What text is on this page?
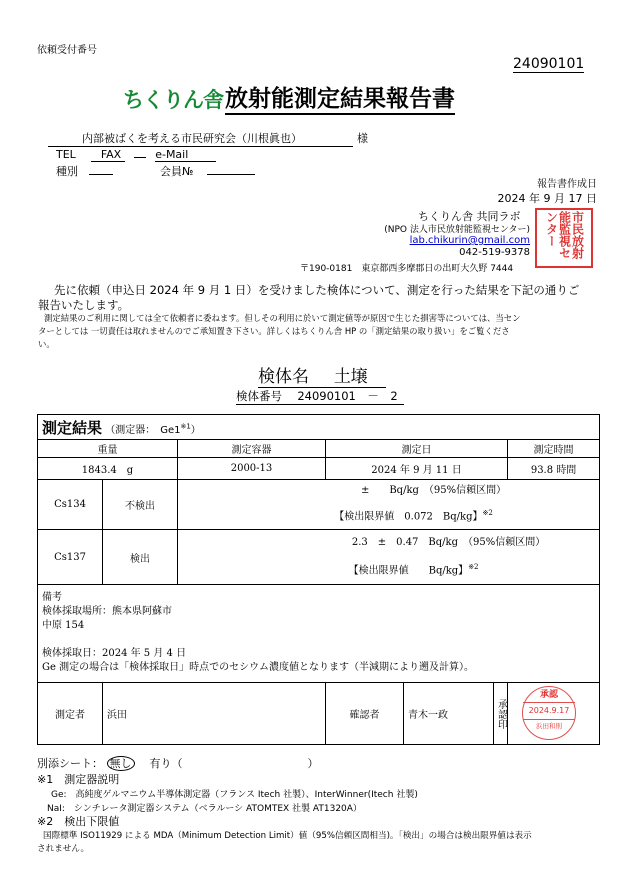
依頼受付番号
24090101
ちくりん舎 放射能測定結果報告書
内部被ばくを考える市民研究会（川根眞也）	様
TEL FAX	e-Mail
種別	会員№
報告書作成日
2024 年 9 月 17 日
ちくりん舎 共同ラボ
(NPO 法人市民放射能監視センター)
lab.chikurin@gmail.com
042-519-9378
〒190-0181　東京都西多摩郡日の出町大久野 7444
市民放射能監視センター
先に依頼（申込日 2024 年 9 月 1 日）を受けました検体について、測定を行った結果を下記の通りご
報告いたします。
測定結果のご利用に関しては全て依頼者に委ねます。但しその利用に於いて測定値等が原因で生じた損害等については、当セン
ターとしては 一切責任は取れませんのでご承知置き下さい。詳しくはちくりん舎 HP の「測定結果の取り扱い」をご覧くださ
い。
検体名 土壌
検体番号 24090101　－　2
測定結果 （測定器：　Ge1$^{※1}$）						
重量		測定容器	測定日			測定時間
1843.4　g		2000-13	2024 年 9 月 11 日			93.8 時間
Cs134	不検出	±　　Bq/kg　（95%信頼区間）
【検出限界値　0.072　Bq/kg】$^{※2}$

Cs137	検出	2.3　±　0.47　Bq/kg　（95%信頼区間）
【検出限界値　　Bq/kg】$^{※2}$

備考
検体採取場所：熊本県阿蘇市
中原 154
検体採取日：2024 年 5 月 4 日
Ge 測定の場合は「検体採取日」時点でのセシウム濃度値となります（半減期により遡及計算）。						

測定者	浜田		確認者	青木一政	承認印	承認
2024.9.17
浜田和則
別添シート： 無し 有り（	）
※1　測定器説明
Ge:　高純度ゲルマニウム半導体測定器（フランス Itech 社製）、InterWinner(Itech 社製)
NaI:　シンチレータ測定器システム（ベラルーシ ATOMTEX 社製 AT1320A）
※2　検出下限値
国際標準 ISO11929 による MDA（Minimum Detection Limit）値（95%信頼区間相当)。「検出」の場合は検出限界値は表示
されません。
